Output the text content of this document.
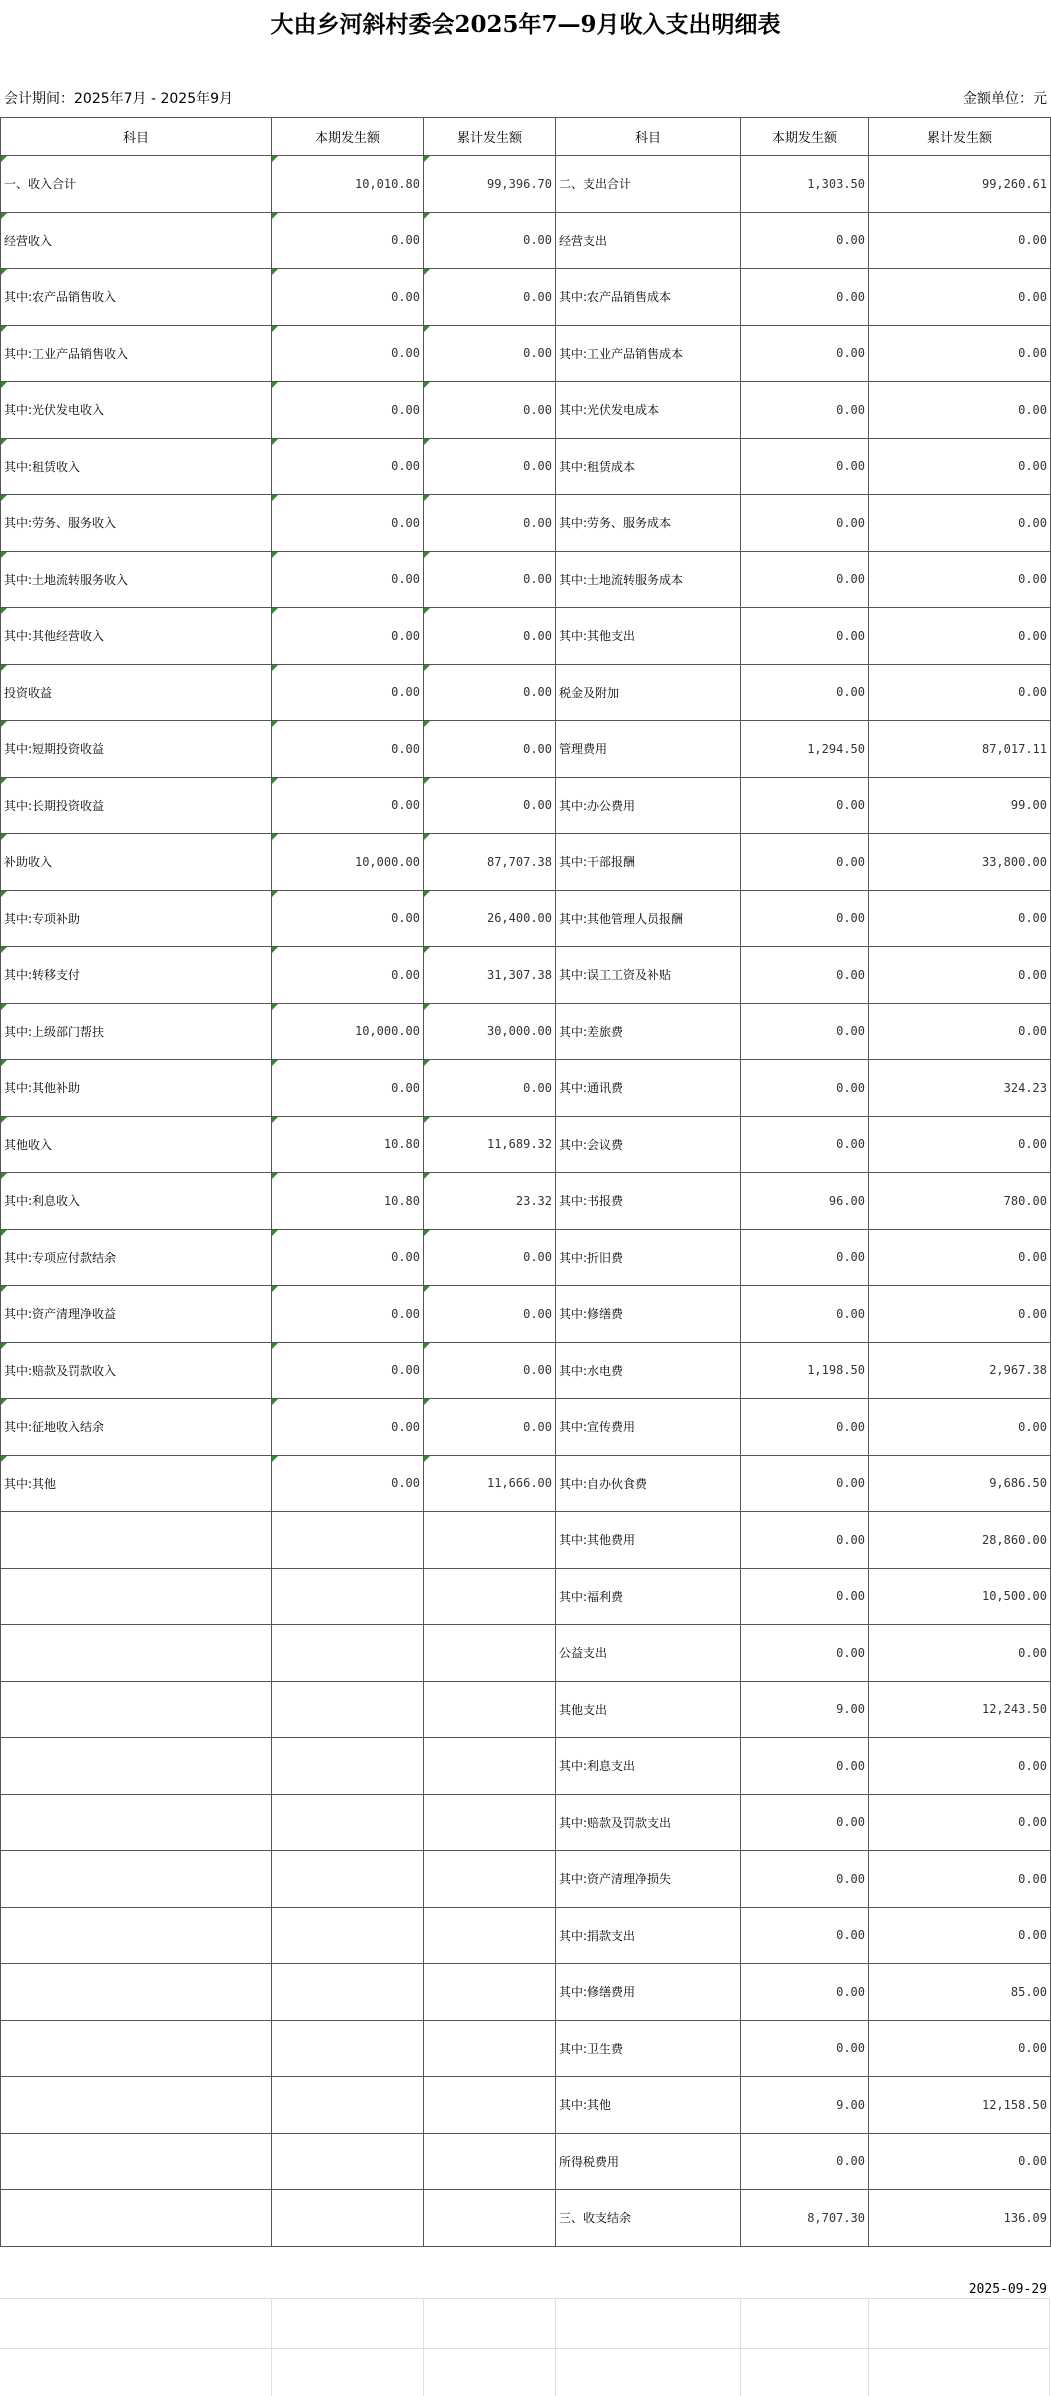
大由乡河斜村委会2025年7—9月收入支出明细表
会计期间：2025年7月 - 2025年9月	金额单位：元
科目	本期发生额	累计发生额	科目	本期发生额	累计发生额
一、收入合计	10,010.80	99,396.70	二、支出合计	1,303.50	99,260.61
经营收入	0.00	0.00	经营支出	0.00	0.00
其中:农产品销售收入	0.00	0.00	其中:农产品销售成本	0.00	0.00
其中:工业产品销售收入	0.00	0.00	其中:工业产品销售成本	0.00	0.00
其中:光伏发电收入	0.00	0.00	其中:光伏发电成本	0.00	0.00
其中:租赁收入	0.00	0.00	其中:租赁成本	0.00	0.00
其中:劳务、服务收入	0.00	0.00	其中:劳务、服务成本	0.00	0.00
其中:土地流转服务收入	0.00	0.00	其中:土地流转服务成本	0.00	0.00
其中:其他经营收入	0.00	0.00	其中:其他支出	0.00	0.00
投资收益	0.00	0.00	税金及附加	0.00	0.00
其中:短期投资收益	0.00	0.00	管理费用	1,294.50	87,017.11
其中:长期投资收益	0.00	0.00	其中:办公费用	0.00	99.00
补助收入	10,000.00	87,707.38	其中:干部报酬	0.00	33,800.00
其中:专项补助	0.00	26,400.00	其中:其他管理人员报酬	0.00	0.00
其中:转移支付	0.00	31,307.38	其中:误工工资及补贴	0.00	0.00
其中:上级部门帮扶	10,000.00	30,000.00	其中:差旅费	0.00	0.00
其中:其他补助	0.00	0.00	其中:通讯费	0.00	324.23
其他收入	10.80	11,689.32	其中:会议费	0.00	0.00
其中:利息收入	10.80	23.32	其中:书报费	96.00	780.00
其中:专项应付款结余	0.00	0.00	其中:折旧费	0.00	0.00
其中:资产清理净收益	0.00	0.00	其中:修缮费	0.00	0.00
其中:赔款及罚款收入	0.00	0.00	其中:水电费	1,198.50	2,967.38
其中:征地收入结余	0.00	0.00	其中:宣传费用	0.00	0.00
其中:其他	0.00	11,666.00	其中:自办伙食费	0.00	9,686.50
			其中:其他费用	0.00	28,860.00
			其中:福利费	0.00	10,500.00
			公益支出	0.00	0.00
			其他支出	9.00	12,243.50
			其中:利息支出	0.00	0.00
			其中:赔款及罚款支出	0.00	0.00
			其中:资产清理净损失	0.00	0.00
			其中:捐款支出	0.00	0.00
			其中:修缮费用	0.00	85.00
			其中:卫生费	0.00	0.00
			其中:其他	9.00	12,158.50
			所得税费用	0.00	0.00
			三、收支结余	8,707.30	136.09
2025-09-29
